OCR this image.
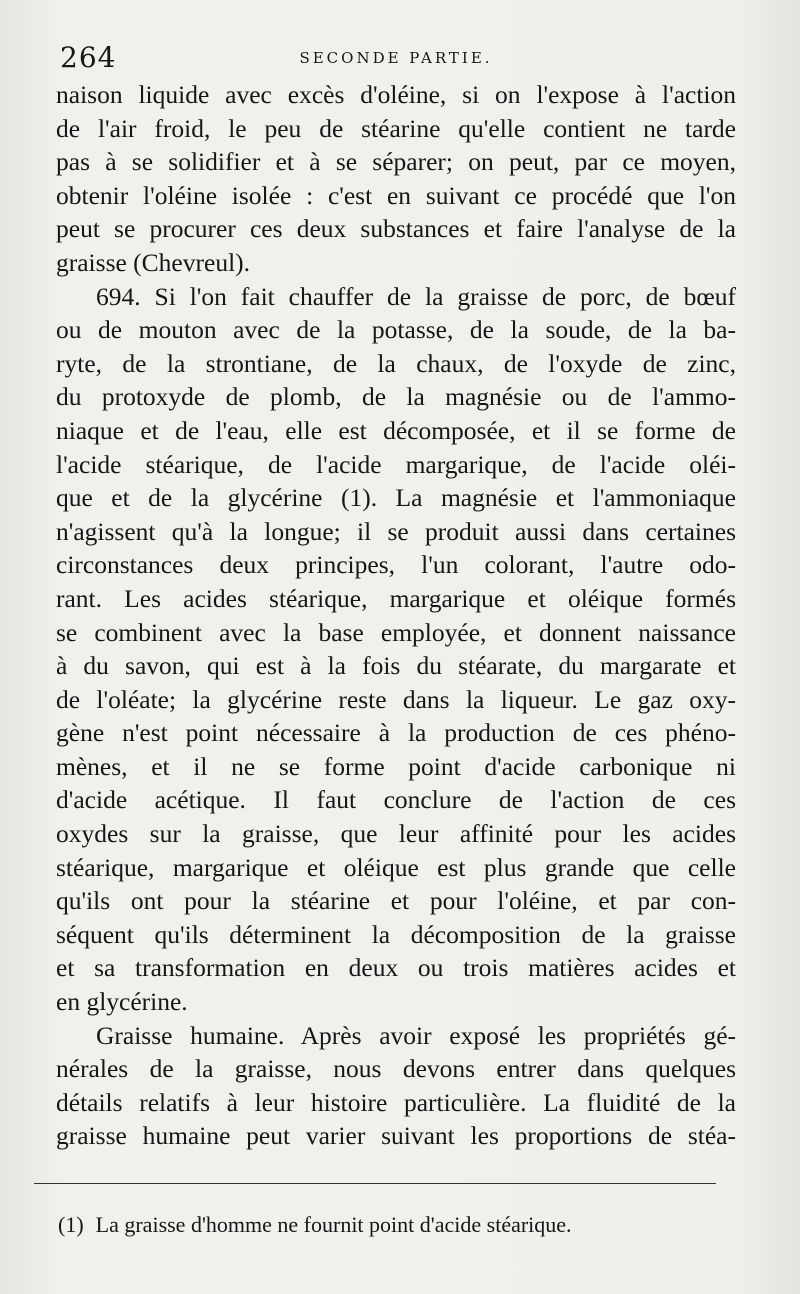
264	SECONDE PARTIE.
naison liquide avec excès d'oléine, si on l'expose à l'action
de l'air froid, le peu de stéarine qu'elle contient ne tarde
pas à se solidifier et à se séparer; on peut, par ce moyen,
obtenir l'oléine isolée : c'est en suivant ce procédé que l'on
peut se procurer ces deux substances et faire l'analyse de la
graisse (Chevreul).
694. Si l'on fait chauffer de la graisse de porc, de bœuf
ou de mouton avec de la potasse, de la soude, de la ba-
ryte, de la strontiane, de la chaux, de l'oxyde de zinc,
du protoxyde de plomb, de la magnésie ou de l'ammo-
niaque et de l'eau, elle est décomposée, et il se forme de
l'acide stéarique, de l'acide margarique, de l'acide oléi-
que et de la glycérine (1). La magnésie et l'ammoniaque
n'agissent qu'à la longue; il se produit aussi dans certaines
circonstances deux principes, l'un colorant, l'autre odo-
rant. Les acides stéarique, margarique et oléique formés
se combinent avec la base employée, et donnent naissance
à du savon, qui est à la fois du stéarate, du margarate et
de l'oléate; la glycérine reste dans la liqueur. Le gaz oxy-
gène n'est point nécessaire à la production de ces phéno-
mènes, et il ne se forme point d'acide carbonique ni
d'acide acétique. Il faut conclure de l'action de ces
oxydes sur la graisse, que leur affinité pour les acides
stéarique, margarique et oléique est plus grande que celle
qu'ils ont pour la stéarine et pour l'oléine, et par con-
séquent qu'ils déterminent la décomposition de la graisse
et sa transformation en deux ou trois matières acides et
en glycérine.
Graisse humaine. Après avoir exposé les propriétés gé-
nérales de la graisse, nous devons entrer dans quelques
détails relatifs à leur histoire particulière. La fluidité de la
graisse humaine peut varier suivant les proportions de stéa-
(1) La graisse d'homme ne fournit point d'acide stéarique.
